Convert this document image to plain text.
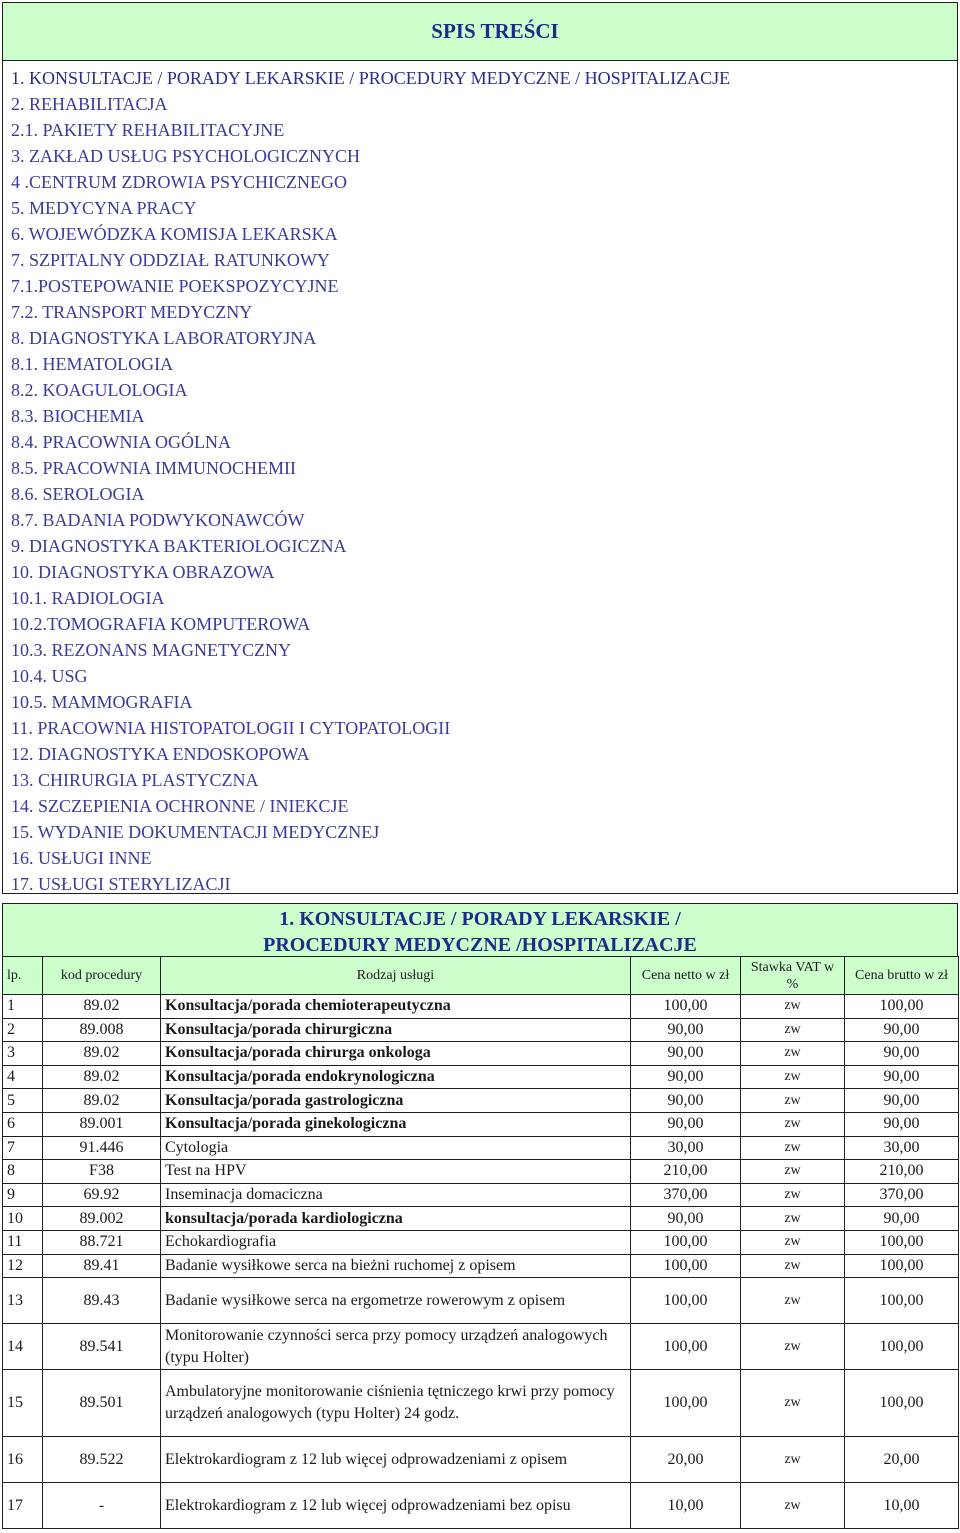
SPIS TREŚCI
1. KONSULTACJE / PORADY LEKARSKIE / PROCEDURY MEDYCZNE / HOSPITALIZACJE
2. REHABILITACJA
2.1. PAKIETY REHABILITACYJNE
3. ZAKŁAD USŁUG PSYCHOLOGICZNYCH
4 .CENTRUM ZDROWIA PSYCHICZNEGO
5. MEDYCYNA PRACY
6. WOJEWÓDZKA KOMISJA LEKARSKA
7. SZPITALNY ODDZIAŁ RATUNKOWY
7.1.POSTEPOWANIE POEKSPOZYCYJNE
7.2. TRANSPORT MEDYCZNY
8. DIAGNOSTYKA LABORATORYJNA
8.1. HEMATOLOGIA
8.2. KOAGULOLOGIA
8.3. BIOCHEMIA
8.4. PRACOWNIA OGÓLNA
8.5. PRACOWNIA IMMUNOCHEMII
8.6. SEROLOGIA
8.7. BADANIA PODWYKONAWCÓW
9. DIAGNOSTYKA BAKTERIOLOGICZNA
10. DIAGNOSTYKA OBRAZOWA
10.1. RADIOLOGIA
10.2.TOMOGRAFIA KOMPUTEROWA
10.3. REZONANS MAGNETYCZNY
10.4. USG
10.5. MAMMOGRAFIA
11. PRACOWNIA HISTOPATOLOGII I CYTOPATOLOGII
12. DIAGNOSTYKA ENDOSKOPOWA
13. CHIRURGIA PLASTYCZNA
14. SZCZEPIENIA OCHRONNE / INIEKCJE
15. WYDANIE DOKUMENTACJI MEDYCZNEJ
16. USŁUGI INNE
17. USŁUGI STERYLIZACJI
1. KONSULTACJE / PORADY LEKARSKIE /
PROCEDURY MEDYCZNE /HOSPITALIZACJE
lp.	kod procedury	Rodzaj usługi	Cena netto w zł	Stawka VAT w %	Cena brutto w zł
1	89.02	Konsultacja/porada chemioterapeutyczna	100,00	zw	100,00
2	89.008	Konsultacja/porada chirurgiczna	90,00	zw	90,00
3	89.02	Konsultacja/porada chirurga onkologa	90,00	zw	90,00
4	89.02	Konsultacja/porada endokrynologiczna	90,00	zw	90,00
5	89.02	Konsultacja/porada gastrologiczna	90,00	zw	90,00
6	89.001	Konsultacja/porada ginekologiczna	90,00	zw	90,00
7	91.446	Cytologia	30,00	zw	30,00
8	F38	Test na HPV	210,00	zw	210,00
9	69.92	Inseminacja domaciczna	370,00	zw	370,00
10	89.002	konsultacja/porada kardiologiczna	90,00	zw	90,00
11	88.721	Echokardiografia	100,00	zw	100,00
12	89.41	Badanie wysiłkowe serca na bieżni ruchomej z opisem	100,00	zw	100,00
13	89.43	Badanie wysiłkowe serca na ergometrze rowerowym z opisem	100,00	zw	100,00
14	89.541	Monitorowanie czynności serca przy pomocy urządzeń analogowych (typu Holter)	100,00	zw	100,00
15	89.501	Ambulatoryjne monitorowanie ciśnienia tętniczego krwi przy pomocy urządzeń analogowych (typu Holter) 24 godz.	100,00	zw	100,00
16	89.522	Elektrokardiogram z 12 lub więcej odprowadzeniami z opisem	20,00	zw	20,00
17	-	Elektrokardiogram z 12 lub więcej odprowadzeniami bez opisu	10,00	zw	10,00
